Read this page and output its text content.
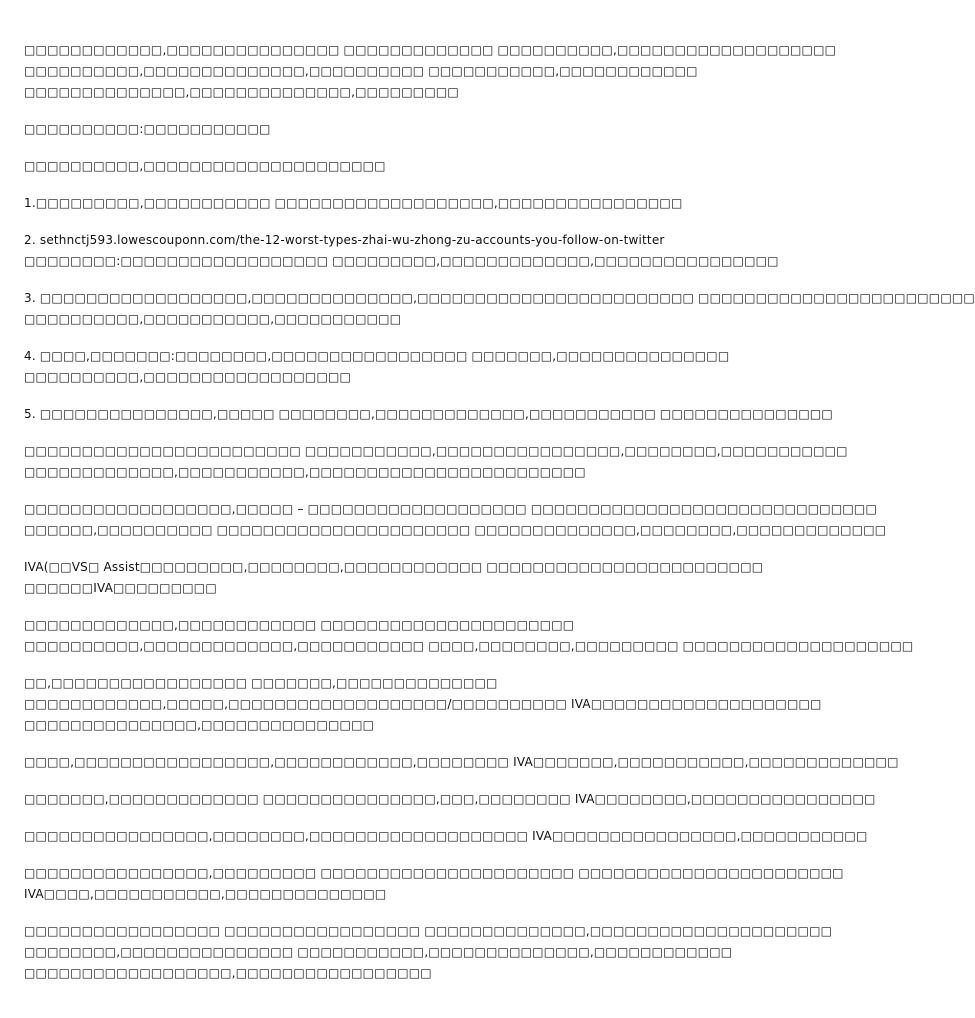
□□□□□□□□□□□□,□□□□□□□□□□□□□□□ □□□□□□□□□□□□□ □□□□□□□□□□,□□□□□□□□□□□□□□□□□□□
□□□□□□□□□□,□□□□□□□□□□□□□□,□□□□□□□□□□ □□□□□□□□□□□,□□□□□□□□□□□□
□□□□□□□□□□□□□□,□□□□□□□□□□□□□□,□□□□□□□□□
□□□□□□□□□□:□□□□□□□□□□□
□□□□□□□□□□,□□□□□□□□□□□□□□□□□□□□□
1.□□□□□□□□□,□□□□□□□□□□□ □□□□□□□□□□□□□□□□□□□,□□□□□□□□□□□□□□□□
2. sethnctj593.lowescouponn.com/the-12-worst-types-zhai-wu-zhong-zu-accounts-you-follow-on-twitter
□□□□□□□□:□□□□□□□□□□□□□□□□□□ □□□□□□□□□,□□□□□□□□□□□□□,□□□□□□□□□□□□□□□□
3. □□□□□□□□□□□□□□□□□□,□□□□□□□□□□□□□□,□□□□□□□□□□□□□□□□□□□□□□□□ □□□□□□□□□□□□□□□□□□□□□□□□
□□□□□□□□□□,□□□□□□□□□□□,□□□□□□□□□□□
4. □□□□,□□□□□□□:□□□□□□□□,□□□□□□□□□□□□□□□□□ □□□□□□□,□□□□□□□□□□□□□□□
□□□□□□□□□□,□□□□□□□□□□□□□□□□□□
5. □□□□□□□□□□□□□□□,□□□□□ □□□□□□□□,□□□□□□□□□□□□□,□□□□□□□□□□□ □□□□□□□□□□□□□□□
□□□□□□□□□□□□□□□□□□□□□□□□ □□□□□□□□□□□,□□□□□□□□□□□□□□□□,□□□□□□□□,□□□□□□□□□□□
□□□□□□□□□□□□□,□□□□□□□□□□□,□□□□□□□□□□□□□□□□□□□□□□□□
□□□□□□□□□□□□□□□□□□,□□□□□ – □□□□□□□□□□□□□□□□□□□ □□□□□□□□□□□□□□□□□□□□□□□□□□□□□□
□□□□□□,□□□□□□□□□□ □□□□□□□□□□□□□□□□□□□□□□ □□□□□□□□□□□□□□,□□□□□□□□,□□□□□□□□□□□□□
IVA(□□VS□ Assist□□□□□□□□□,□□□□□□□□,□□□□□□□□□□□□ □□□□□□□□□□□□□□□□□□□□□□□□
□□□□□□IVA□□□□□□□□□
□□□□□□□□□□□□□,□□□□□□□□□□□□ □□□□□□□□□□□□□□□□□□□□□□
□□□□□□□□□□,□□□□□□□□□□□□□,□□□□□□□□□□□ □□□□,□□□□□□□□,□□□□□□□□□ □□□□□□□□□□□□□□□□□□□□
□□,□□□□□□□□□□□□□□□□□ □□□□□□□,□□□□□□□□□□□□□□
□□□□□□□□□□□□,□□□□□,□□□□□□□□□□□□□□□□□□□/□□□□□□□□□□ IVA□□□□□□□□□□□□□□□□□□□□
□□□□□□□□□□□□□□□,□□□□□□□□□□□□□□□
□□□□,□□□□□□□□□□□□□□□□□,□□□□□□□□□□□□,□□□□□□□□ IVA□□□□□□□,□□□□□□□□□□□,□□□□□□□□□□□□□
□□□□□□□,□□□□□□□□□□□□□ □□□□□□□□□□□□□□□,□□□,□□□□□□□□ IVA□□□□□□□□,□□□□□□□□□□□□□□□□
□□□□□□□□□□□□□□□□,□□□□□□□□,□□□□□□□□□□□□□□□□□□□ IVA□□□□□□□□□□□□□□□□,□□□□□□□□□□□
□□□□□□□□□□□□□□□□,□□□□□□□□□ □□□□□□□□□□□□□□□□□□□□□□ □□□□□□□□□□□□□□□□□□□□□□□
IVA□□□□,□□□□□□□□□□□,□□□□□□□□□□□□□□
□□□□□□□□□□□□□□□□□ □□□□□□□□□□□□□□□□□ □□□□□□□□□□□□□□,□□□□□□□□□□□□□□□□□□□□□
□□□□□□□□,□□□□□□□□□□□□□□□ □□□□□□□□□□□,□□□□□□□□□□□□□□,□□□□□□□□□□□□
□□□□□□□□□□□□□□□□□□,□□□□□□□□□□□□□□□□□
